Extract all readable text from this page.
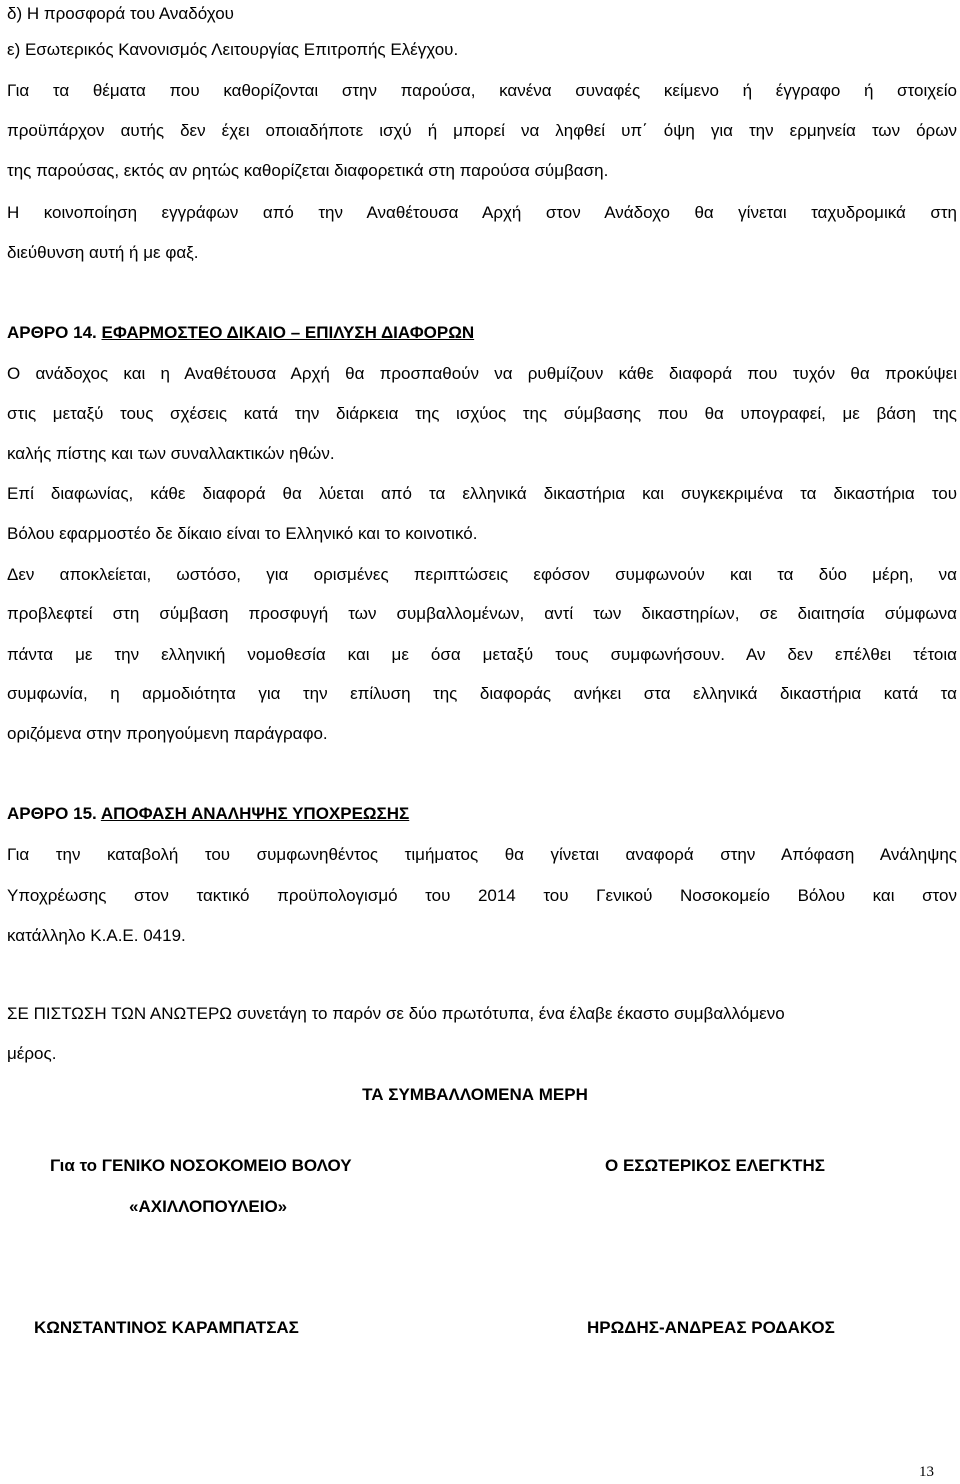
δ) Η προσφορά του Αναδόχου
ε) Εσωτερικός Κανονισμός Λειτουργίας Επιτροπής Ελέγχου.
Για τα θέματα που καθορίζονται στην παρούσα, κανένα συναφές κείμενο ή έγγραφο ή στοιχείο
προϋπάρχον αυτής δεν έχει οποιαδήποτε ισχύ ή μπορεί να ληφθεί υπ΄ όψη για την ερμηνεία των όρων
της παρούσας, εκτός αν ρητώς καθορίζεται διαφορετικά στη παρούσα σύμβαση.
Η κοινοποίηση εγγράφων από την Αναθέτουσα Αρχή στον Ανάδοχο θα γίνεται ταχυδρομικά στη
διεύθυνση αυτή ή με φαξ.
ΑΡΘΡΟ 14. ΕΦΑΡΜΟΣΤΕΟ ΔΙΚΑΙΟ – ΕΠΙΛΥΣΗ ΔΙΑΦΟΡΩΝ
Ο ανάδοχος και η Αναθέτουσα Αρχή θα προσπαθούν να ρυθμίζουν κάθε διαφορά που τυχόν θα προκύψει
στις μεταξύ τους σχέσεις κατά την διάρκεια της ισχύος της σύμβασης που θα υπογραφεί, με βάση της
καλής πίστης και των συναλλακτικών ηθών.
Επί διαφωνίας, κάθε διαφορά θα λύεται από τα ελληνικά δικαστήρια και συγκεκριμένα τα δικαστήρια του
Βόλου εφαρμοστέο δε δίκαιο είναι το Ελληνικό και το κοινοτικό.
Δεν αποκλείεται, ωστόσο, για ορισμένες περιπτώσεις εφόσον συμφωνούν και τα δύο μέρη, να
προβλεφτεί στη σύμβαση προσφυγή των συμβαλλομένων, αντί των δικαστηρίων, σε διαιτησία σύμφωνα
πάντα με την ελληνική νομοθεσία και με όσα μεταξύ τους συμφωνήσουν. Αν δεν επέλθει τέτοια
συμφωνία, η αρμοδιότητα για την επίλυση της διαφοράς ανήκει στα ελληνικά δικαστήρια κατά τα
οριζόμενα στην προηγούμενη παράγραφο.
ΑΡΘΡΟ 15. ΑΠΟΦΑΣΗ ΑΝΑΛΗΨΗΣ ΥΠΟΧΡΕΩΣΗΣ
Για την καταβολή του συμφωνηθέντος τιμήματος θα γίνεται αναφορά στην Απόφαση Ανάληψης
Υποχρέωσης στον τακτικό προϋπολογισμό του 2014 του Γενικού Νοσοκομείο Βόλου και στον
κατάλληλο Κ.Α.Ε. 0419.
ΣΕ ΠΙΣΤΩΣΗ ΤΩΝ ΑΝΩΤΕΡΩ συνετάγη το παρόν σε δύο πρωτότυπα, ένα έλαβε έκαστο συμβαλλόμενο
μέρος.
ΤΑ ΣΥΜΒΑΛΛΟΜΕΝΑ ΜΕΡΗ
Για το ΓΕΝΙΚΟ ΝΟΣΟΚΟΜΕΙΟ ΒΟΛΟΥ	Ο ΕΣΩΤΕΡΙΚΟΣ ΕΛΕΓΚΤΗΣ
«ΑΧΙΛΛΟΠΟΥΛΕΙΟ»
ΚΩΝΣΤΑΝΤΙΝΟΣ ΚΑΡΑΜΠΑΤΣΑΣ	ΗΡΩΔΗΣ-ΑΝΔΡΕΑΣ ΡΟΔΑΚΟΣ
13
